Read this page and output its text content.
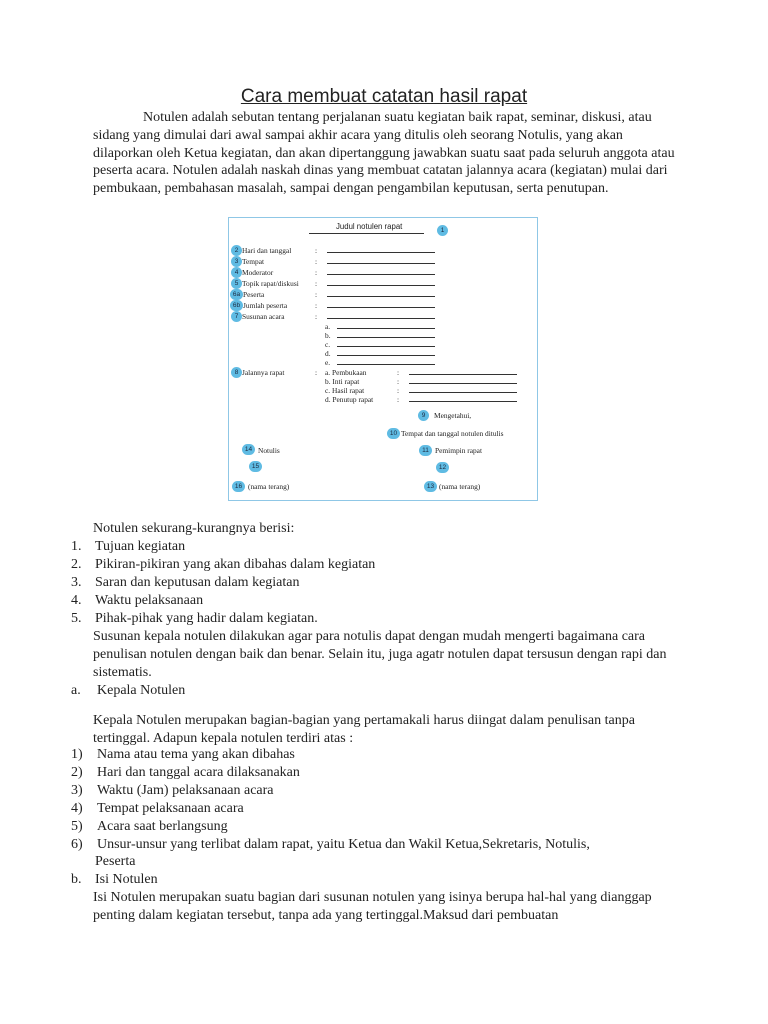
Cara membuat catatan hasil rapat

Notulen adalah sebutan tentang perjalanan suatu kegiatan baik rapat, seminar, diskusi, atau sidang yang dimulai dari awal sampai akhir acara yang ditulis oleh seorang Notulis, yang akan dilaporkan oleh Ketua kegiatan, dan akan dipertanggung jawabkan suatu saat pada seluruh anggota atau peserta acara. Notulen adalah naskah dinas yang membuat catatan jalannya acara (kegiatan) mulai dari pembukaan, pembahasan masalah, sampai dengan pengambilan keputusan, serta penutupan.

Judul notulen rapat	1
2 Hari dan tanggal	:
3 Tempat	:
4 Moderator	:
5 Topik rapat/diskusi :
6a Peserta	:
6b Jumlah peserta	:
7 Susunan acara	:
a.
b.
c.
d.
e.
8 Jalannya rapat	: a. Pembukaan	:
b. Inti rapat	:
c. Hasil rapat	:
d. Penutup rapat	:
9	Mengetahui,
10 Tempat dan tanggal notulen ditulis
14 Notulis	11 Pemimpin rapat
15	12
16 (nama terang)	13 (nama terang)
Notulen sekurang-kurangnya berisi:
1. Tujuan kegiatan
2. Pikiran-pikiran yang akan dibahas dalam kegiatan
3. Saran dan keputusan dalam kegiatan
4. Waktu pelaksanaan
5. Pihak-pihak yang hadir dalam kegiatan.

Susunan kepala notulen dilakukan agar para notulis dapat dengan mudah mengerti bagaimana cara penulisan notulen dengan baik dan benar. Selain itu, juga agatr notulen dapat tersusun dengan rapi dan sistematis.

a. Kepala Notulen

Kepala Notulen merupakan bagian-bagian yang pertamakali harus diingat dalam penulisan tanpa tertinggal. Adapun kepala notulen terdiri atas :

1) Nama atau tema yang akan dibahas
2) Hari dan tanggal acara dilaksanakan
3) Waktu (Jam) pelaksanaan acara
4) Tempat pelaksanaan acara
5) Acara saat berlangsung
6) Unsur-unsur yang terlibat dalam rapat, yaitu Ketua dan Wakil Ketua,Sekretaris, Notulis,
Peserta
b. Isi Notulen

Isi Notulen merupakan suatu bagian dari susunan notulen yang isinya berupa hal-hal yang dianggap penting dalam kegiatan tersebut, tanpa ada yang tertinggal.Maksud dari pembuatan
